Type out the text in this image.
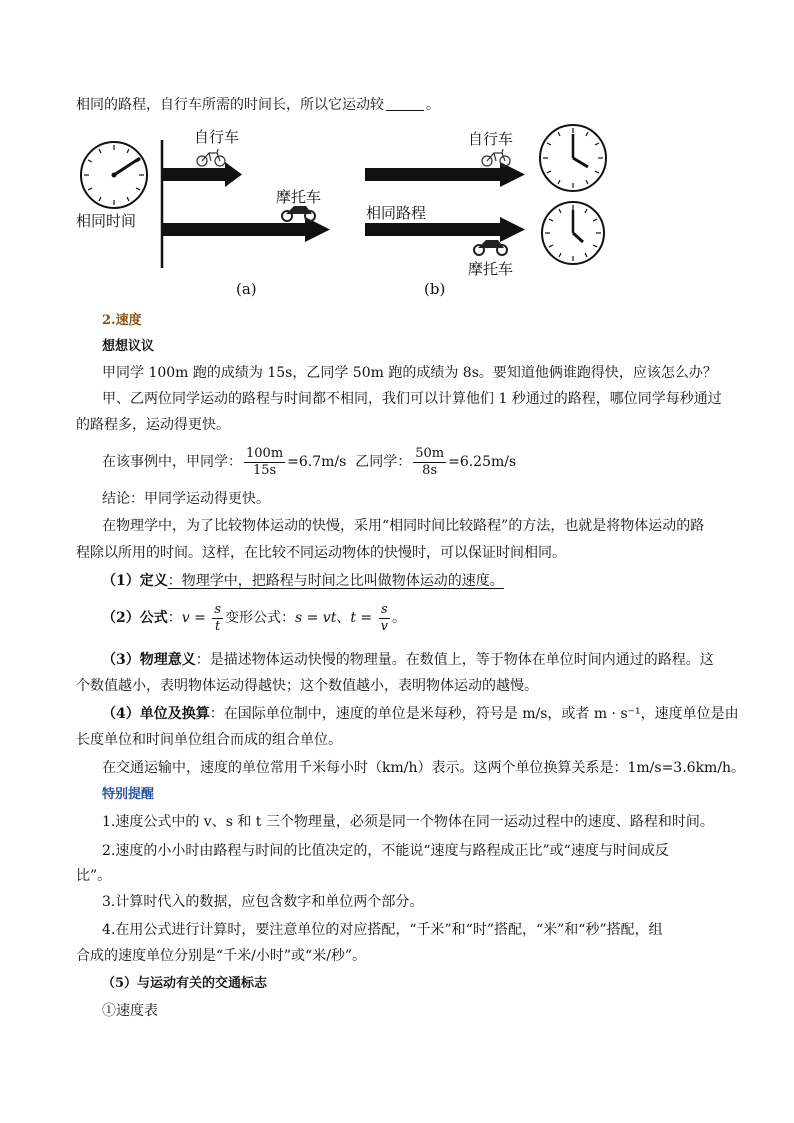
相同的路程，自行车所需的时间长，所以它运动较	。
自行车
摩托车
相同时间
(a)
自行车
相同路程
摩托车
(b)
2.速度
想想议议
甲同学 100m 跑的成绩为 15s，乙同学 50m 跑的成绩为 8s。要知道他俩谁跑得快，应该怎么办？
甲、乙两位同学运动的路程与时间都不相同，我们可以计算他们 1 秒通过的路程，哪位同学每秒通过
的路程多，运动得更快。
在该事例中，甲同学： $\frac{100m}{15s} =6.7m/s$ 乙同学： $\frac{50m}{8s} =6.25m/s$
结论：甲同学运动得更快。
在物理学中，为了比较物体运动的快慢，采用“相同时间比较路程”的方法，也就是将物体运动的路
程除以所用的时间。这样，在比较不同运动物体的快慢时，可以保证时间相同。
（1）定义：物理学中，把路程与时间之比叫做物体运动的速度。
（2）公式：$v = \frac{s}{t}$ 变形公式：s = vt、$t = \frac{s}{v}$ 。
（3）物理意义：是描述物体运动快慢的物理量。在数值上，等于物体在单位时间内通过的路程。这
个数值越小，表明物体运动得越快；这个数值越小，表明物体运动的越慢。
（4）单位及换算：在国际单位制中，速度的单位是米每秒，符号是 m/s，或者 m · s⁻¹，速度单位是由
长度单位和时间单位组合而成的组合单位。
在交通运输中，速度的单位常用千米每小时（km/h）表示。这两个单位换算关系是：1m/s=3.6km/h。
特别提醒
1.速度公式中的 v、s 和 t 三个物理量，必须是同一个物体在同一运动过程中的速度、路程和时间。
2.速度的小小时由路程与时间的比值决定的，不能说“速度与路程成正比”或“速度与时间成反
比”。
3.计算时代入的数据，应包含数字和单位两个部分。
4.在用公式进行计算时，要注意单位的对应搭配，“千米”和“时”搭配，“米”和“秒”搭配，组
合成的速度单位分别是“千米/小时”或“米/秒”。
（5）与运动有关的交通标志
①速度表
